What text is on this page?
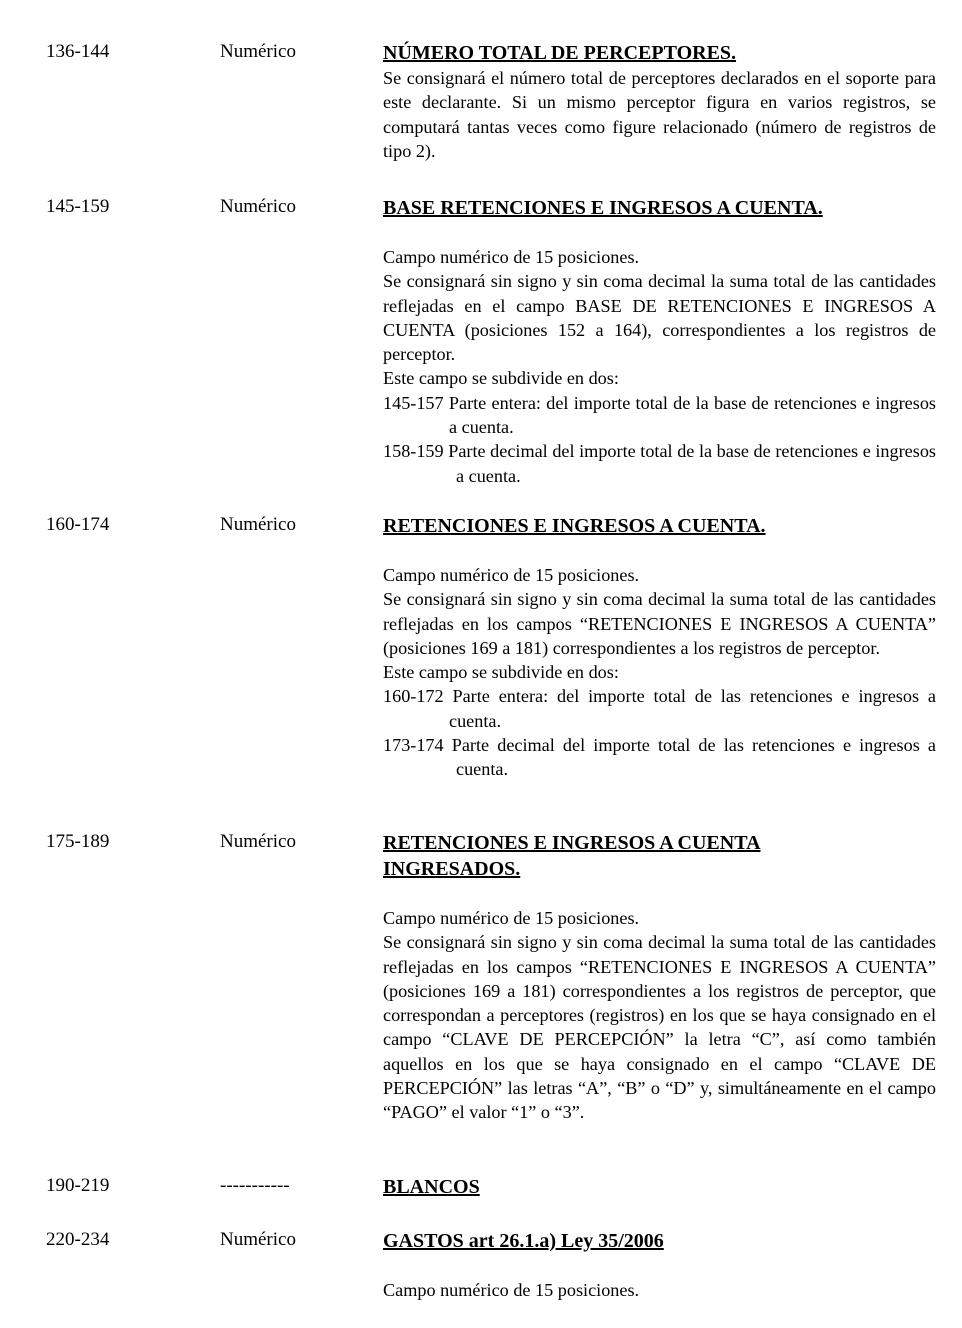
136-144	Numérico	NÚMERO TOTAL DE PERCEPTORES.

Se consignará el número total de perceptores declarados en el soporte para este declarante. Si un mismo perceptor figura en varios registros, se computará tantas veces como figure relacionado (número de registros de tipo 2).

145-159	Numérico	BASE RETENCIONES E INGRESOS A CUENTA.

Campo numérico de 15 posiciones.

Se consignará sin signo y sin coma decimal la suma total de las cantidades reflejadas en el campo BASE DE RETENCIONES E INGRESOS A CUENTA (posiciones 152 a 164), correspondientes a los registros de perceptor.

Este campo se subdivide en dos:

145-157 Parte entera: del importe total de la base de retenciones e ingresos a cuenta.

158-159 Parte decimal del importe total de la base de retenciones e ingresos a cuenta.

160-174	Numérico	RETENCIONES E INGRESOS A CUENTA.

Campo numérico de 15 posiciones.

Se consignará sin signo y sin coma decimal la suma total de las cantidades reflejadas en los campos “RETENCIONES E INGRESOS A CUENTA” (posiciones 169 a 181) correspondientes a los registros de perceptor.

Este campo se subdivide en dos:

160-172 Parte entera: del importe total de las retenciones e ingresos a cuenta.

173-174 Parte decimal del importe total de las retenciones e ingresos a cuenta.

175-189	Numérico	RETENCIONES E INGRESOS A CUENTA

INGRESADOS.

Campo numérico de 15 posiciones.

Se consignará sin signo y sin coma decimal la suma total de las cantidades reflejadas en los campos “RETENCIONES E INGRESOS A CUENTA” (posiciones 169 a 181) correspondientes a los registros de perceptor, que correspondan a perceptores (registros) en los que se haya consignado en el campo “CLAVE DE PERCEPCIÓN” la letra “C”, así como también aquellos en los que se haya consignado en el campo “CLAVE DE PERCEPCIÓN” las letras “A”, “B” o “D” y, simultáneamente en el campo “PAGO” el valor “1” o “3”.

190-219	-----------	BLANCOS

220-234	Numérico	GASTOS art 26.1.a) Ley 35/2006

Campo numérico de 15 posiciones.
